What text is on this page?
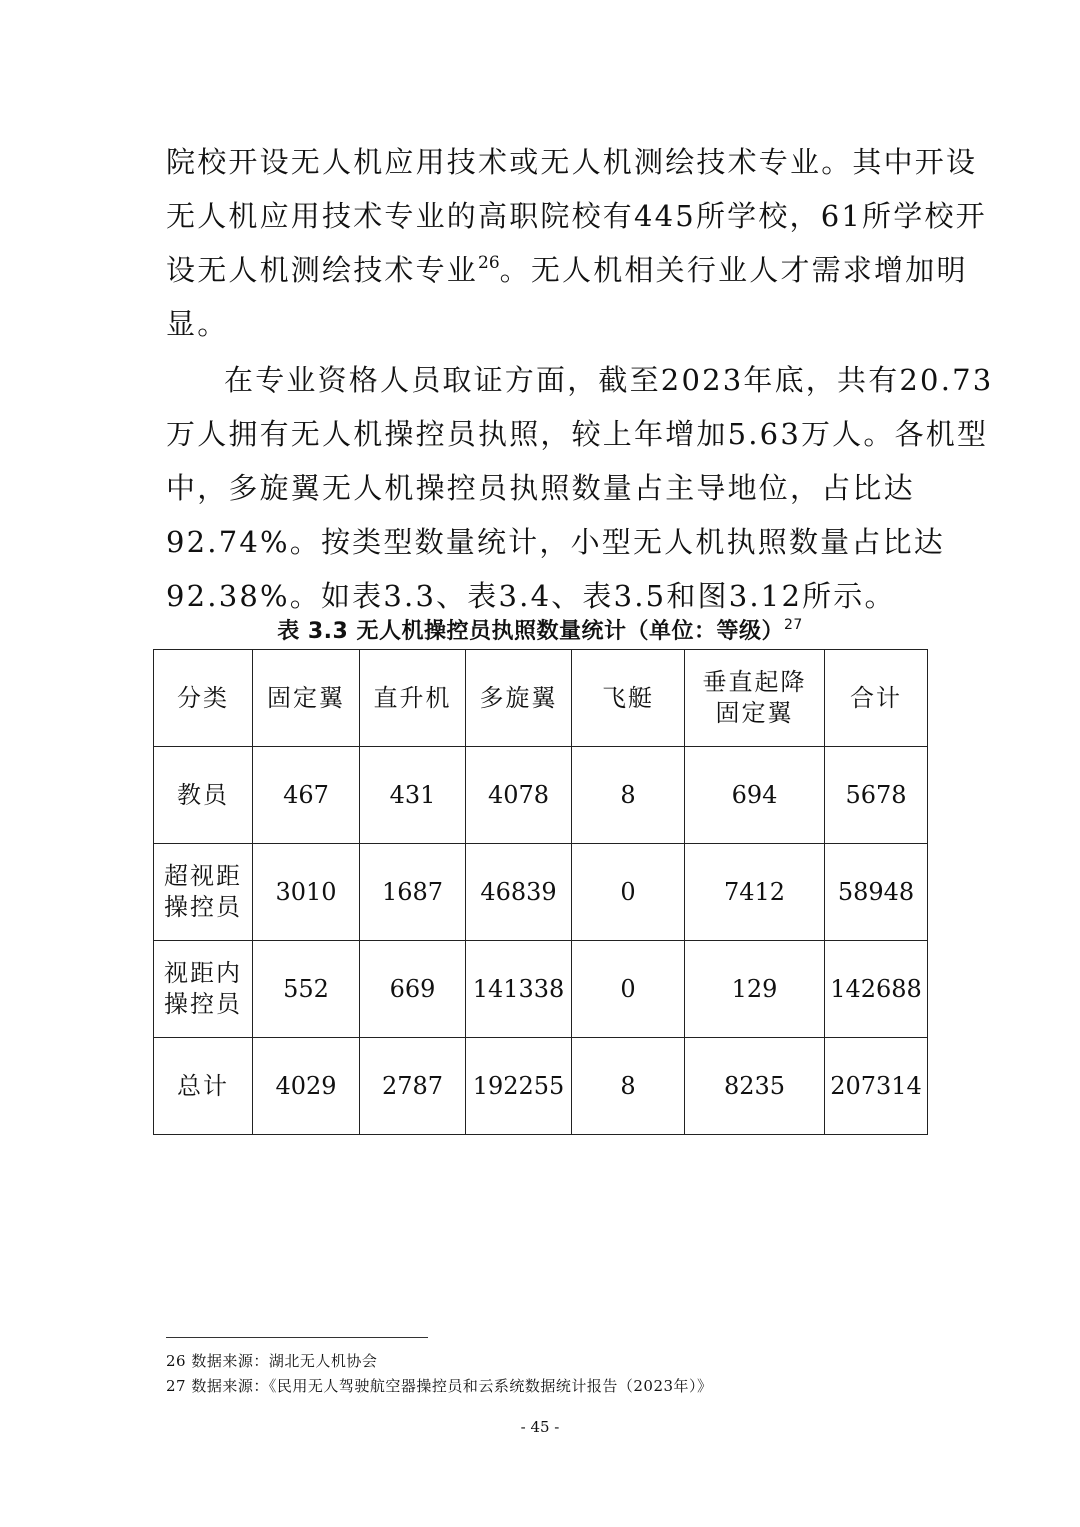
院校开设无人机应用技术或无人机测绘技术专业。其中开设
无人机应用技术专业的高职院校有445所学校，61所学校开
设无人机测绘技术专业$^{26}$。无人机相关行业人才需求增加明
显。
在专业资格人员取证方面，截至2023年底，共有20.73
万人拥有无人机操控员执照，较上年增加5.63万人。各机型
中，多旋翼无人机操控员执照数量占主导地位，占比达
92.74%。按类型数量统计，小型无人机执照数量占比达
92.38%。如表3.3、表3.4、表3.5和图3.12所示。

表 3.3 无人机操控员执照数量统计（单位：等级）$^{27}$

分类	固定翼	直升机	多旋翼	飞艇	垂直起降固定翼	合计
教员	467	431	4078	8	694	5678
超视距操控员	3010	1687	46839	0	7412	58948
视距内操控员	552	669	141338	0	129	142688
总计	4029	2787	192255	8	8235	207314

26 数据来源：湖北无人机协会

27 数据来源：《民用无人驾驶航空器操控员和云系统数据统计报告（2023年）》

- 45 -
